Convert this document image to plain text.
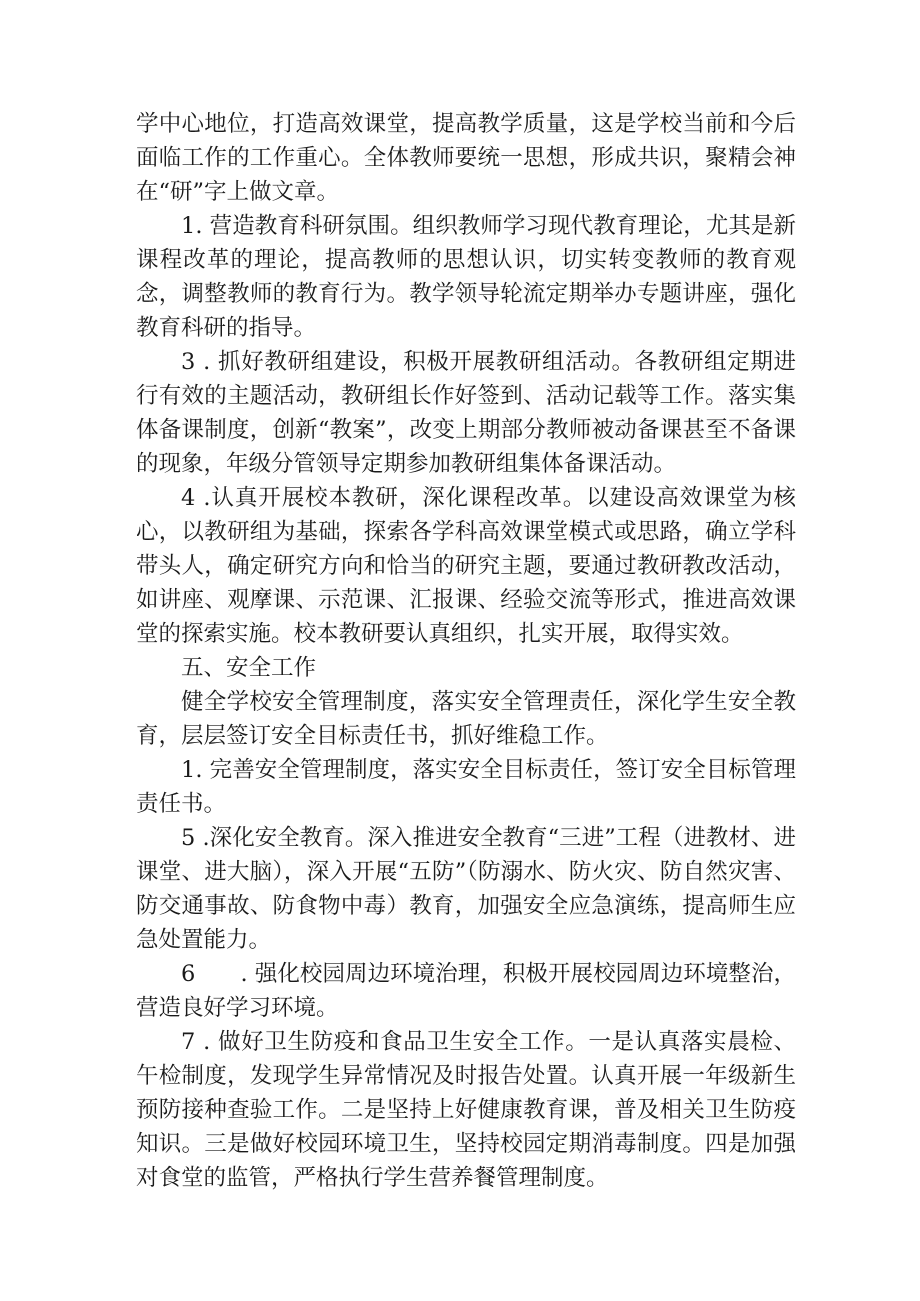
学中心地位，打造高效课堂，提高教学质量，这是学校当前和今后面临工作的工作重心。全体教师要统一思想，形成共识，聚精会神在“研”字上做文章。

1. 营造教育科研氛围。组织教师学习现代教育理论，尤其是新课程改革的理论，提高教师的思想认识，切实转变教师的教育观念，调整教师的教育行为。教学领导轮流定期举办专题讲座，强化教育科研的指导。

3 . 抓好教研组建设，积极开展教研组活动。各教研组定期进行有效的主题活动，教研组长作好签到、活动记载等工作。落实集体备课制度，创新“教案”，改变上期部分教师被动备课甚至不备课的现象，年级分管领导定期参加教研组集体备课活动。

4 .认真开展校本教研，深化课程改革。以建设高效课堂为核心，以教研组为基础，探索各学科高效课堂模式或思路，确立学科带头人，确定研究方向和恰当的研究主题，要通过教研教改活动，如讲座、观摩课、示范课、汇报课、经验交流等形式，推进高效课堂的探索实施。校本教研要认真组织，扎实开展，取得实效。

五、安全工作

健全学校安全管理制度，落实安全管理责任，深化学生安全教育，层层签订安全目标责任书，抓好维稳工作。

1. 完善安全管理制度，落实安全目标责任，签订安全目标管理责任书。

5 .深化安全教育。深入推进安全教育“三进”工程（进教材、进课堂、进大脑），深入开展“五防”（防溺水、防火灾、防自然灾害、防交通事故、防食物中毒）教育，加强安全应急演练，提高师生应急处置能力。

6　　. 强化校园周边环境治理，积极开展校园周边环境整治，营造良好学习环境。

7 . 做好卫生防疫和食品卫生安全工作。一是认真落实晨检、午检制度，发现学生异常情况及时报告处置。认真开展一年级新生预防接种查验工作。二是坚持上好健康教育课，普及相关卫生防疫知识。三是做好校园环境卫生，坚持校园定期消毒制度。四是加强对食堂的监管，严格执行学生营养餐管理制度。
